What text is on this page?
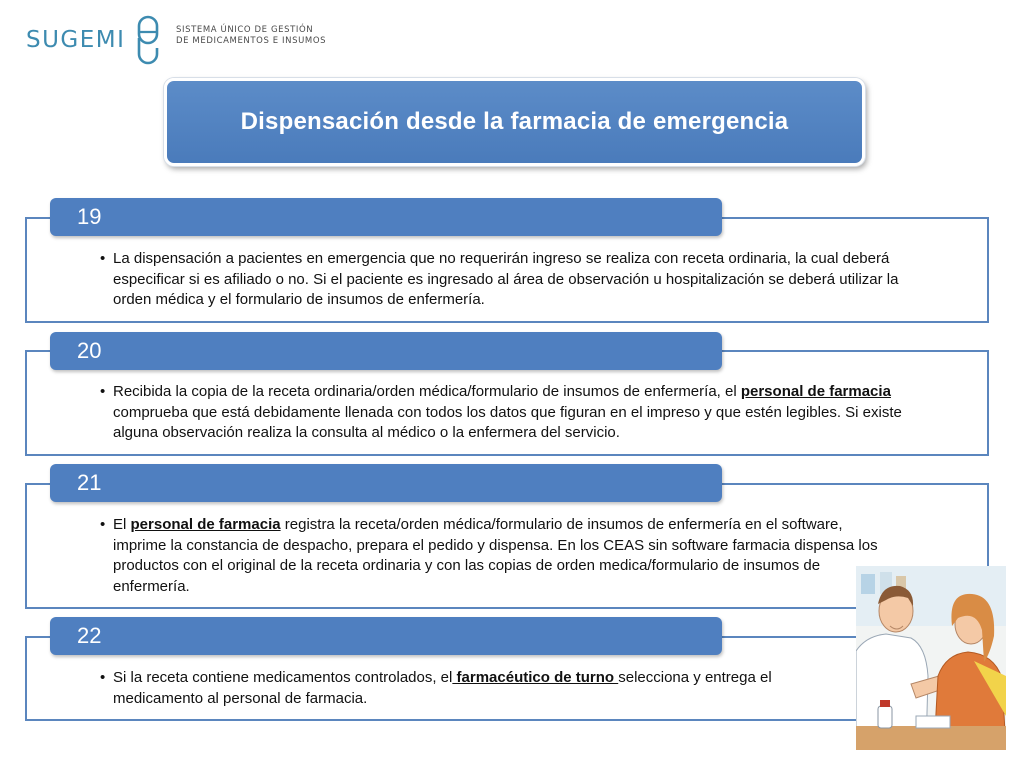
SUGEMI	SISTEMA ÚNICO DE GESTIÓN
DE MEDICAMENTOS E INSUMOS
Dispensación desde la farmacia de emergencia
19
• La dispensación a pacientes en emergencia que no requerirán ingreso se realiza con receta ordinaria, la cual deberá especificar si es afiliado o no. Si el paciente es ingresado al área de observación u hospitalización se deberá utilizar la orden médica y el formulario de insumos de enfermería.
20
• Recibida la copia de la receta ordinaria/orden médica/formulario de insumos de enfermería, el personal de farmacia comprueba que está debidamente llenada con todos los datos que figuran en el impreso y que estén legibles. Si existe alguna observación realiza la consulta al médico o la enfermera del servicio.
21
• El personal de farmacia registra la receta/orden médica/formulario de insumos de enfermería en el software, imprime la constancia de despacho, prepara el pedido y dispensa. En los CEAS sin software farmacia dispensa los productos con el original de la receta ordinaria y con las copias de orden medica/formulario de insumos de enfermería.
22
• Si la receta contiene medicamentos controlados, el farmacéutico de turno selecciona y entrega el medicamento al personal de farmacia.
